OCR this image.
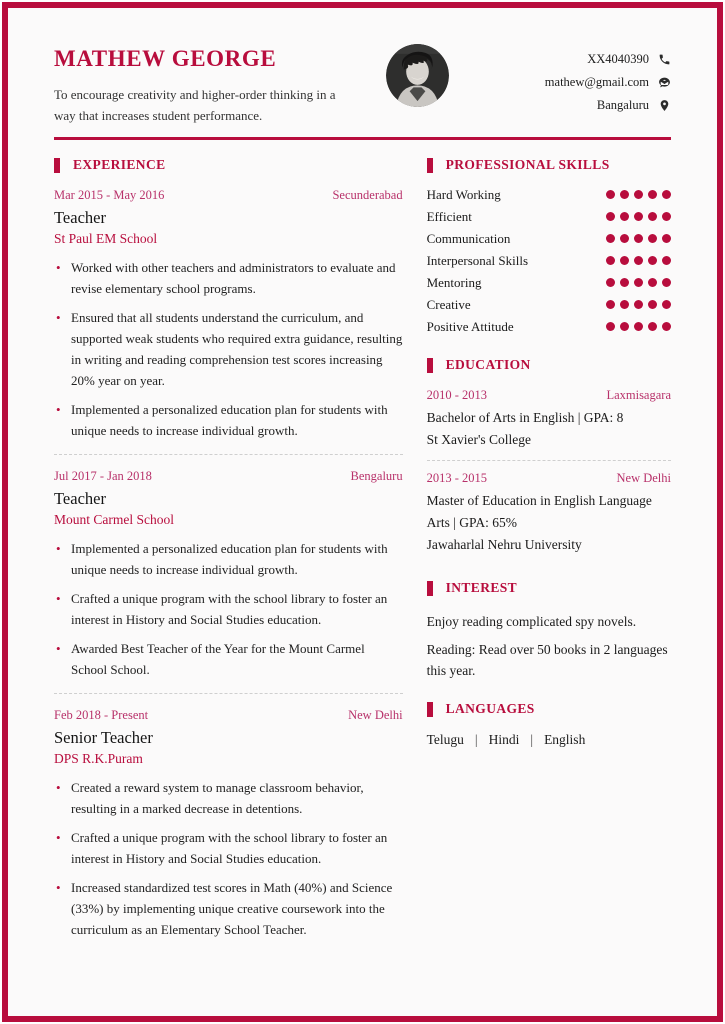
MATHEW GEORGE
To encourage creativity and higher-order thinking in a way that increases student performance.
XX4040390
mathew@gmail.com
Bangaluru
EXPERIENCE
Mar 2015 - May 2016	Secunderabad
Teacher
St Paul EM School
• Worked with other teachers and administrators to evaluate and revise elementary school programs.
• Ensured that all students understand the curriculum, and supported weak students who required extra guidance, resulting in writing and reading comprehension test scores increasing 20% year on year.
• Implemented a personalized education plan for students with unique needs to increase individual growth.
Jul 2017 - Jan 2018	Bengaluru
Teacher
Mount Carmel School
• Implemented a personalized education plan for students with unique needs to increase individual growth.
• Crafted a unique program with the school library to foster an interest in History and Social Studies education.
• Awarded Best Teacher of the Year for the Mount Carmel School School.
Feb 2018 - Present	New Delhi
Senior Teacher
DPS R.K.Puram
• Created a reward system to manage classroom behavior, resulting in a marked decrease in detentions.
• Crafted a unique program with the school library to foster an interest in History and Social Studies education.
• Increased standardized test scores in Math (40%) and Science (33%) by implementing unique creative coursework into the curriculum as an Elementary School Teacher.
PROFESSIONAL SKILLS
Hard Working
Efficient
Communication
Interpersonal Skills
Mentoring
Creative
Positive Attitude
EDUCATION
2010 - 2013	Laxmisagara
Bachelor of Arts in English | GPA: 8
St Xavier's College
2013 - 2015	New Delhi
Master of Education in English Language Arts | GPA: 65%
Jawaharlal Nehru University
INTEREST
Enjoy reading complicated spy novels.
Reading: Read over 50 books in 2 languages this year.
LANGUAGES
Telugu | Hindi | English
